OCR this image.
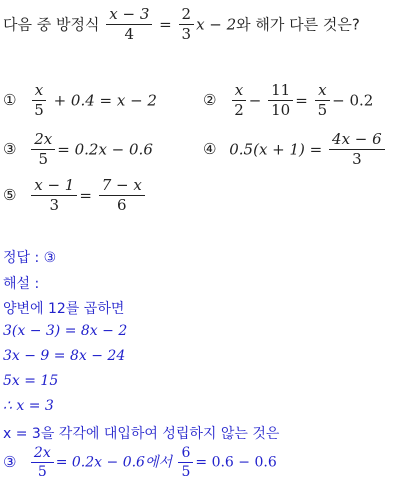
다음 중 방정식 $\frac{x - 3}{4} = \frac{2}{3}$ x − 2와 해가 다른 것은?
① $\frac{x}{5} + 0.4 = x - 2$	② $\frac{x}{2} - \frac{11}{10} = \frac{x}{5} - 0.2$
③ $\frac{2x}{5} = 0.2x - 0.6$	④ $0.5(x + 1) = \frac{4x - 6}{3}$
⑤ $\frac{x - 1}{3} = \frac{7 - x}{6}$
정답 : ③
해설 :
양변에 12를 곱하면
3(x − 3) = 8x − 2
3x − 9 = 8x − 24
5x = 15
∴ x = 3
x = 3을 각각에 대입하여 성립하지 않는 것은
③ $\frac{2x}{5} = 0.2x - 0.6$에서 $\frac{6}{5} = 0.6 - 0.6$
